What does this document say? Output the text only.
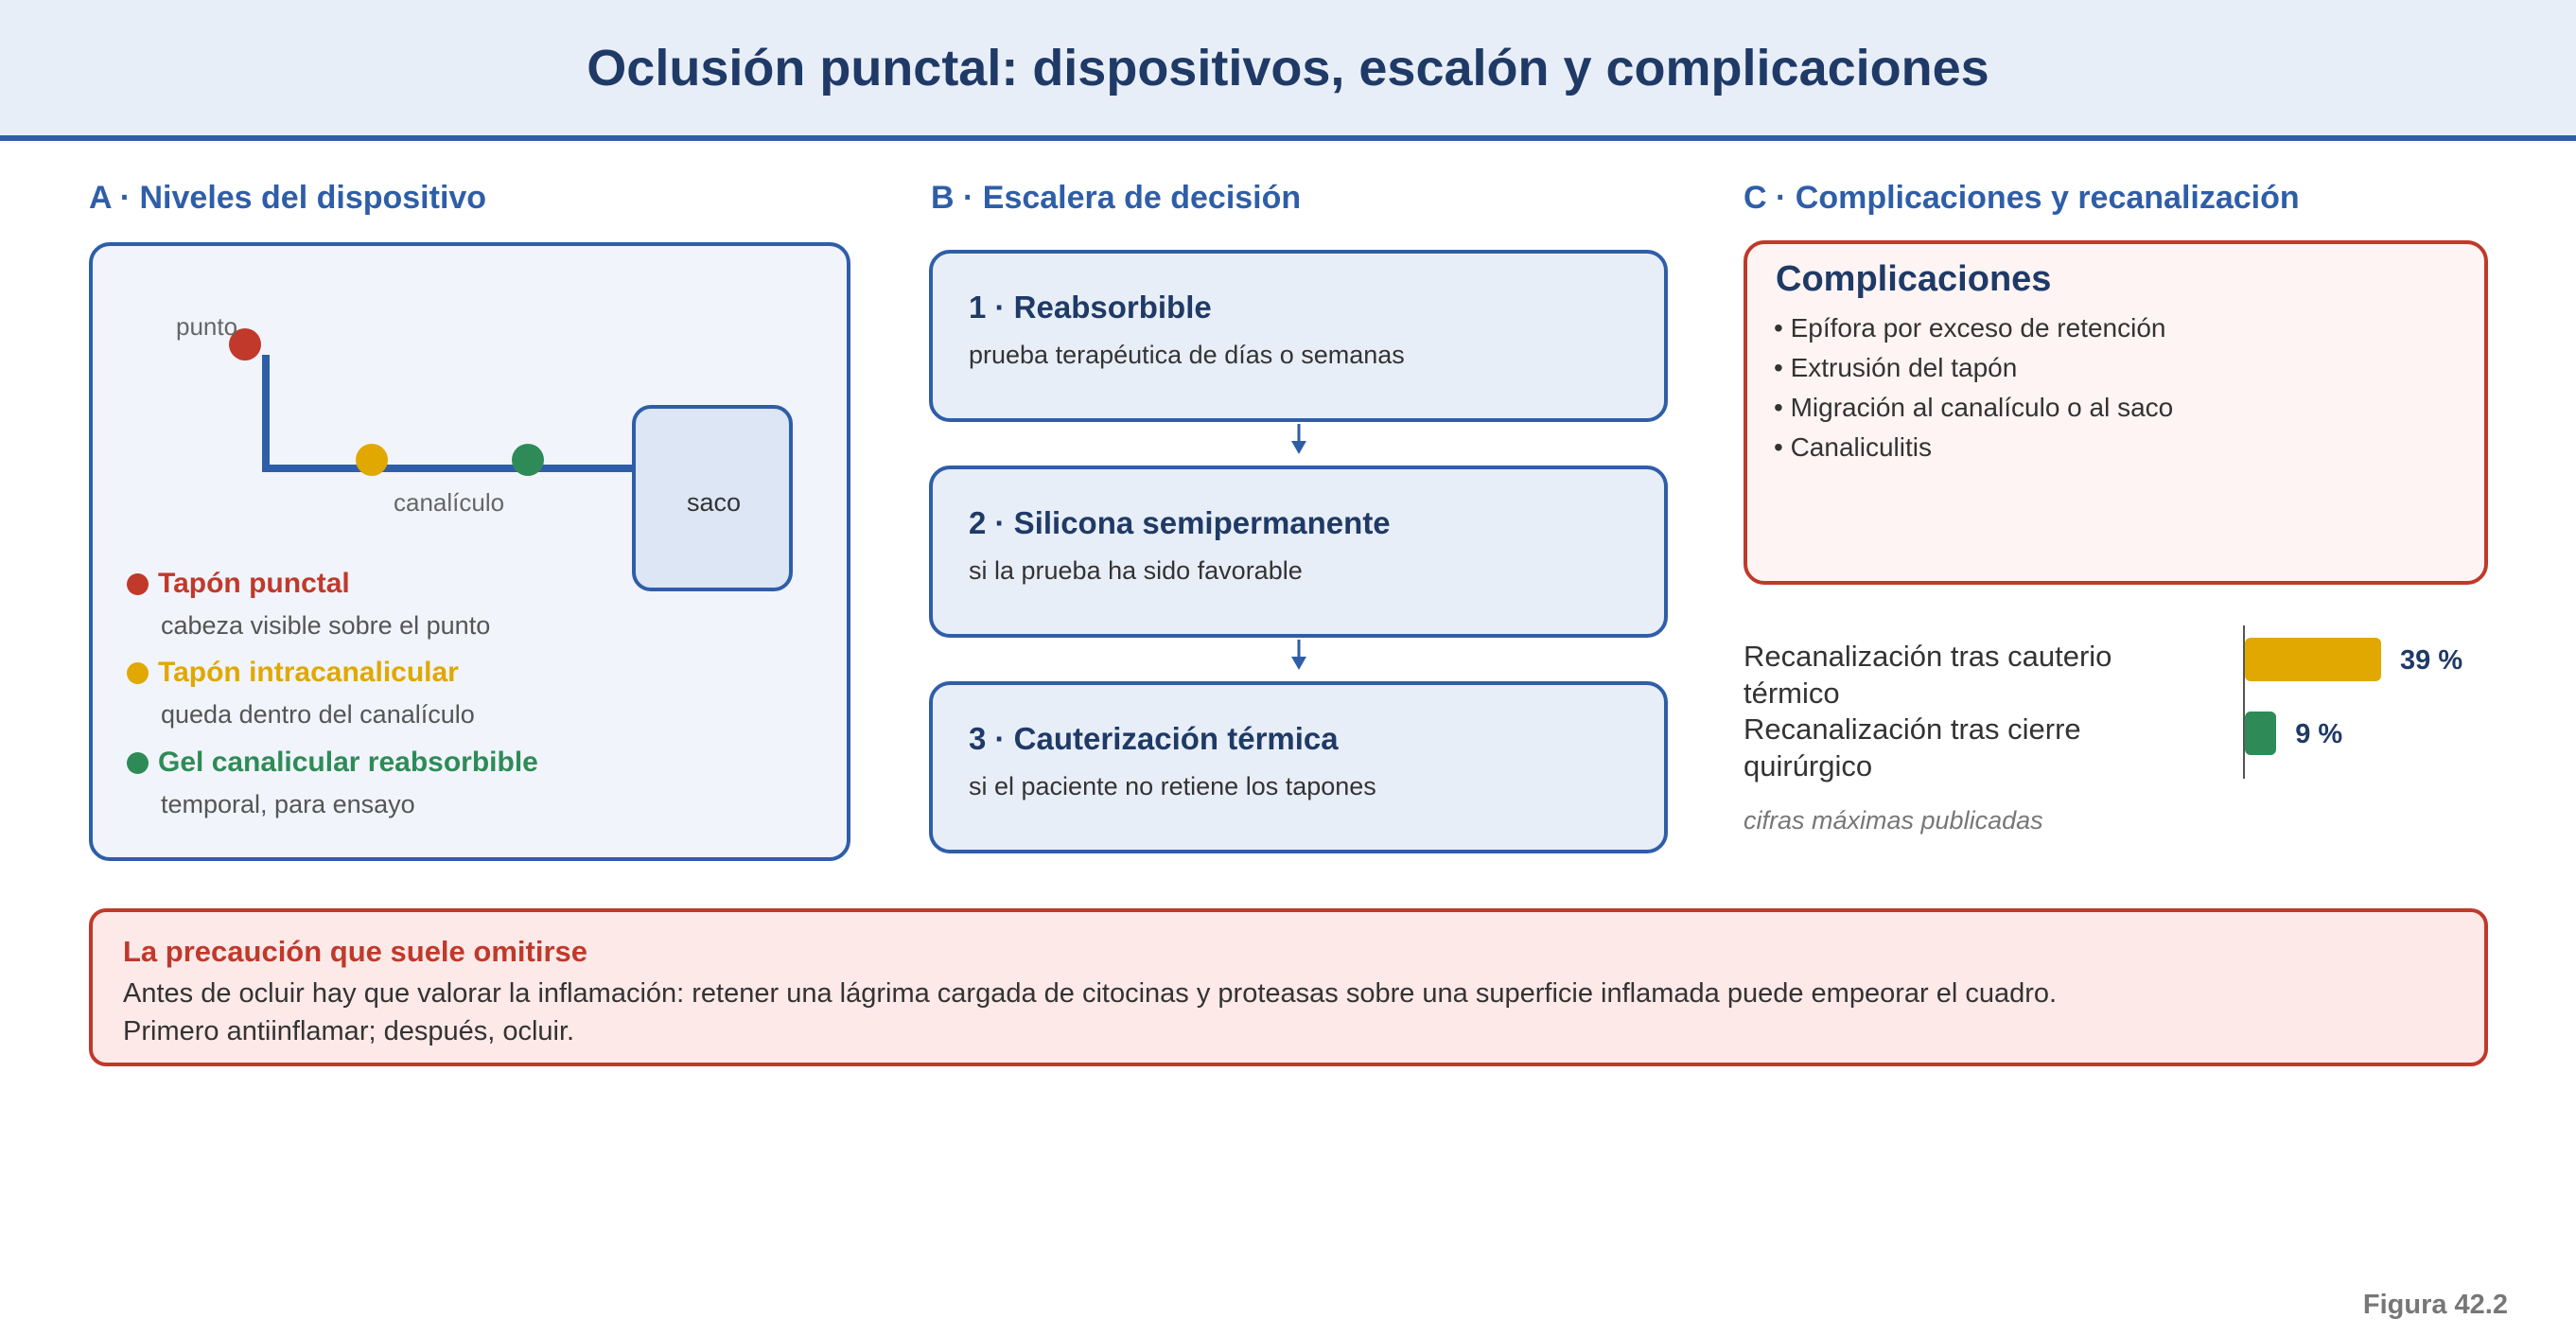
Oclusión punctal: dispositivos, escalón y complicaciones
A · Niveles del dispositivo	B · Escalera de decisión	C · Complicaciones y recanalización
punto
canalículo	saco
Tapón punctal
cabeza visible sobre el punto
Tapón intracanalicular
queda dentro del canalículo
Gel canalicular reabsorbible
temporal, para ensayo
1 · Reabsorbible
prueba terapéutica de días o semanas
2 · Silicona semipermanente
si la prueba ha sido favorable
3 · Cauterización térmica
si el paciente no retiene los tapones
Complicaciones
• Epífora por exceso de retención
• Extrusión del tapón
• Migración al canalículo o al saco
• Canaliculitis
Recanalización tras cauterio térmico
Recanalización tras cierre quirúrgico
39 %
9 %
cifras máximas publicadas
La precaución que suele omitirse
Antes de ocluir hay que valorar la inflamación: retener una lágrima cargada de citocinas y proteasas sobre una superficie inflamada puede empeorar el cuadro.
Primero antiinflamar; después, ocluir.
Figura 42.2
